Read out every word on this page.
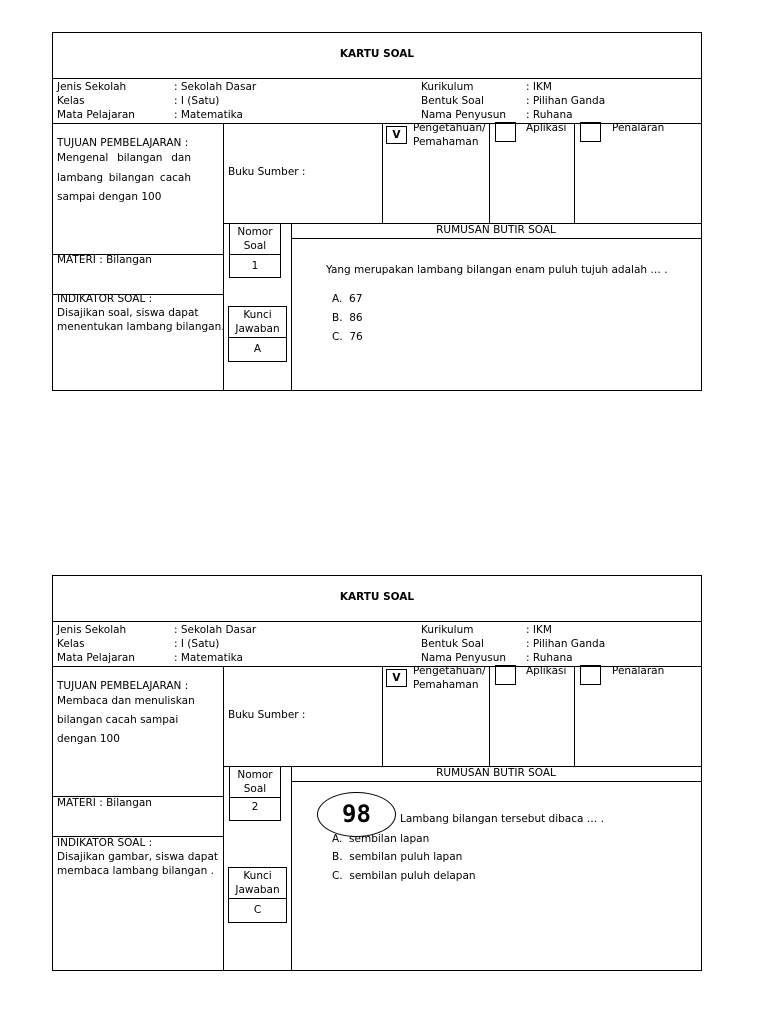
KARTU SOAL
Jenis Sekolah	: Sekolah Dasar
Kelas	: I (Satu)
Mata Pelajaran	: Matematika
Kurikulum	: IKM
Bentuk Soal	: Pilihan Ganda
Nama Penyusun : Ruhana
TUJUAN PEMBELAJARAN :
Mengenal bilangan dan lambang bilangan cacah sampai dengan 100
Buku Sumber :
V
Pengetahuan/
Pemahaman
Aplikasi	Penalaran
Nomor
Soal
1
RUMUSAN BUTIR SOAL
MATERI : Bilangan
INDIKATOR SOAL :
Disajikan soal, siswa dapat
menentukan lambang bilangan.
Kunci
Jawaban
A
Yang merupakan lambang bilangan enam puluh tujuh adalah … .
A. 67
B. 86
C. 76
KARTU SOAL
Jenis Sekolah	: Sekolah Dasar
Kelas	: I (Satu)
Mata Pelajaran	: Matematika
Kurikulum	: IKM
Bentuk Soal	: Pilihan Ganda
Nama Penyusun : Ruhana
TUJUAN PEMBELAJARAN :
Membaca dan menuliskan
bilangan cacah sampai
dengan 100
Buku Sumber :
V
Pengetahuan/
Pemahaman
Aplikasi	Penalaran
Nomor
Soal
2
RUMUSAN BUTIR SOAL
MATERI : Bilangan
INDIKATOR SOAL :
Disajikan gambar, siswa dapat
membaca lambang bilangan .	Kunci
Jawaban
C
98	Lambang bilangan tersebut dibaca … .
A. sembilan lapan
B. sembilan puluh lapan
C. sembilan puluh delapan
